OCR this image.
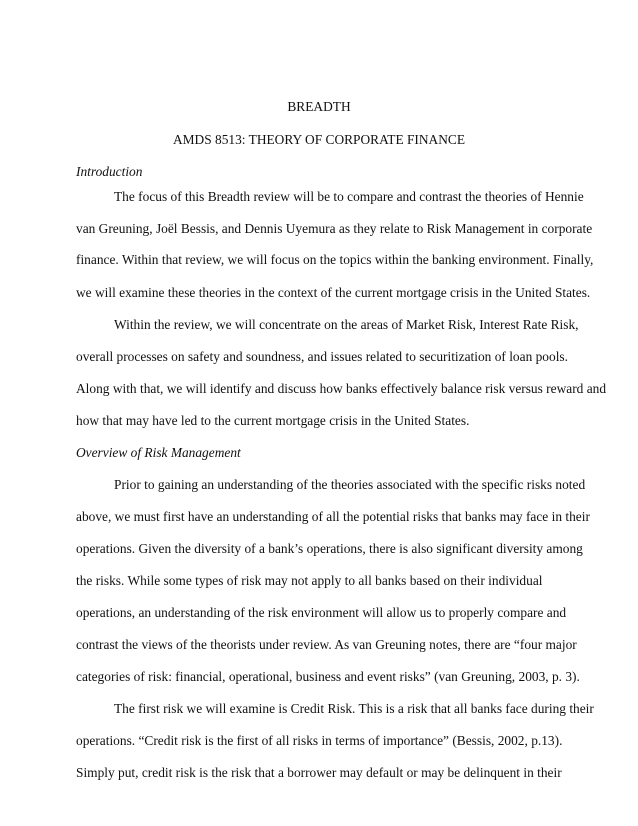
BREADTH
AMDS 8513: THEORY OF CORPORATE FINANCE
Introduction
The focus of this Breadth review will be to compare and contrast the theories of Hennie
van Greuning, Joël Bessis, and Dennis Uyemura as they relate to Risk Management in corporate
finance. Within that review, we will focus on the topics within the banking environment. Finally,
we will examine these theories in the context of the current mortgage crisis in the United States.
Within the review, we will concentrate on the areas of Market Risk, Interest Rate Risk,
overall processes on safety and soundness, and issues related to securitization of loan pools.
Along with that, we will identify and discuss how banks effectively balance risk versus reward and
how that may have led to the current mortgage crisis in the United States.
Overview of Risk Management
Prior to gaining an understanding of the theories associated with the specific risks noted
above, we must first have an understanding of all the potential risks that banks may face in their
operations. Given the diversity of a bank’s operations, there is also significant diversity among
the risks. While some types of risk may not apply to all banks based on their individual
operations, an understanding of the risk environment will allow us to properly compare and
contrast the views of the theorists under review. As van Greuning notes, there are “four major
categories of risk: financial, operational, business and event risks” (van Greuning, 2003, p. 3).
The first risk we will examine is Credit Risk. This is a risk that all banks face during their
operations. “Credit risk is the first of all risks in terms of importance” (Bessis, 2002, p.13).
Simply put, credit risk is the risk that a borrower may default or may be delinquent in their
